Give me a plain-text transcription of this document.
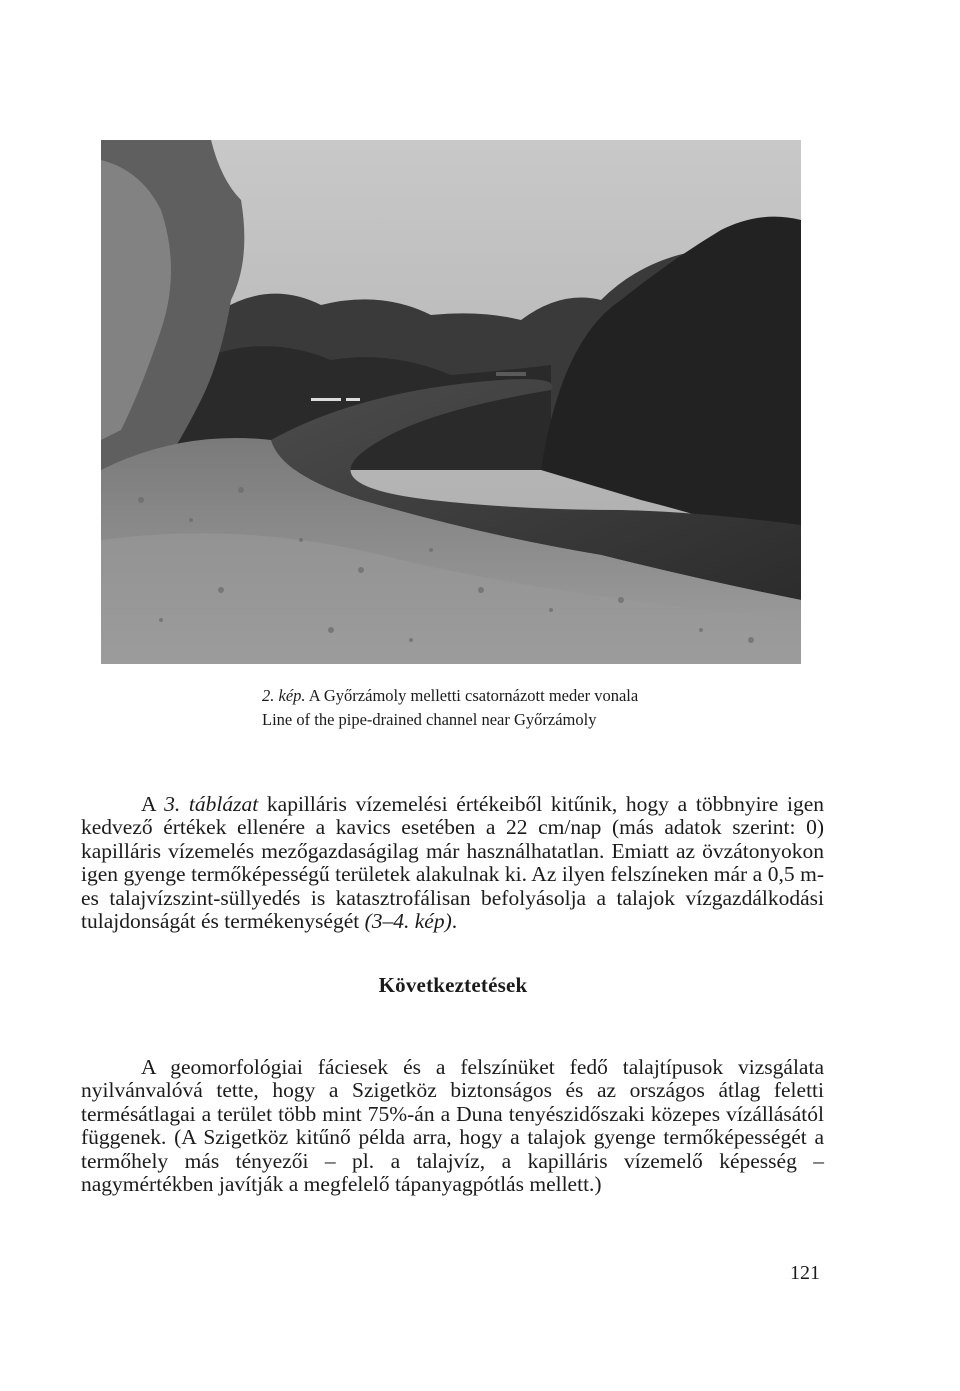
2. kép. A Győrzámoly melletti csatornázott meder vonala
Line of the pipe-drained channel near Győrzámoly

A 3. táblázat kapilláris vízemelési értékeiből kitűnik, hogy a többnyire igen kedvező értékek ellenére a kavics esetében a 22 cm/nap (más adatok szerint: 0) kapilláris vízemelés mezőgazdaságilag már használhatatlan. Emiatt az övzátonyokon igen gyenge termőképességű területek alakulnak ki. Az ilyen felszíneken már a 0,5 m-es talajvízszint-süllyedés is katasztrofálisan befolyásolja a talajok vízgazdálkodási tulajdonságát és termékenységét (3–4. kép).

Következtetések

A geomorfológiai fáciesek és a felszínüket fedő talajtípusok vizsgálata nyilvánvalóvá tette, hogy a Szigetköz biztonságos és az országos átlag feletti termésátlagai a terület több mint 75%-án a Duna tenyészidőszaki közepes vízállásától függenek. (A Szigetköz kitűnő példa arra, hogy a talajok gyenge termőképességét a termőhely más tényezői – pl. a talajvíz, a kapilláris vízemelő képesség – nagymértékben javítják a megfelelő tápanyagpótlás mellett.)

121
